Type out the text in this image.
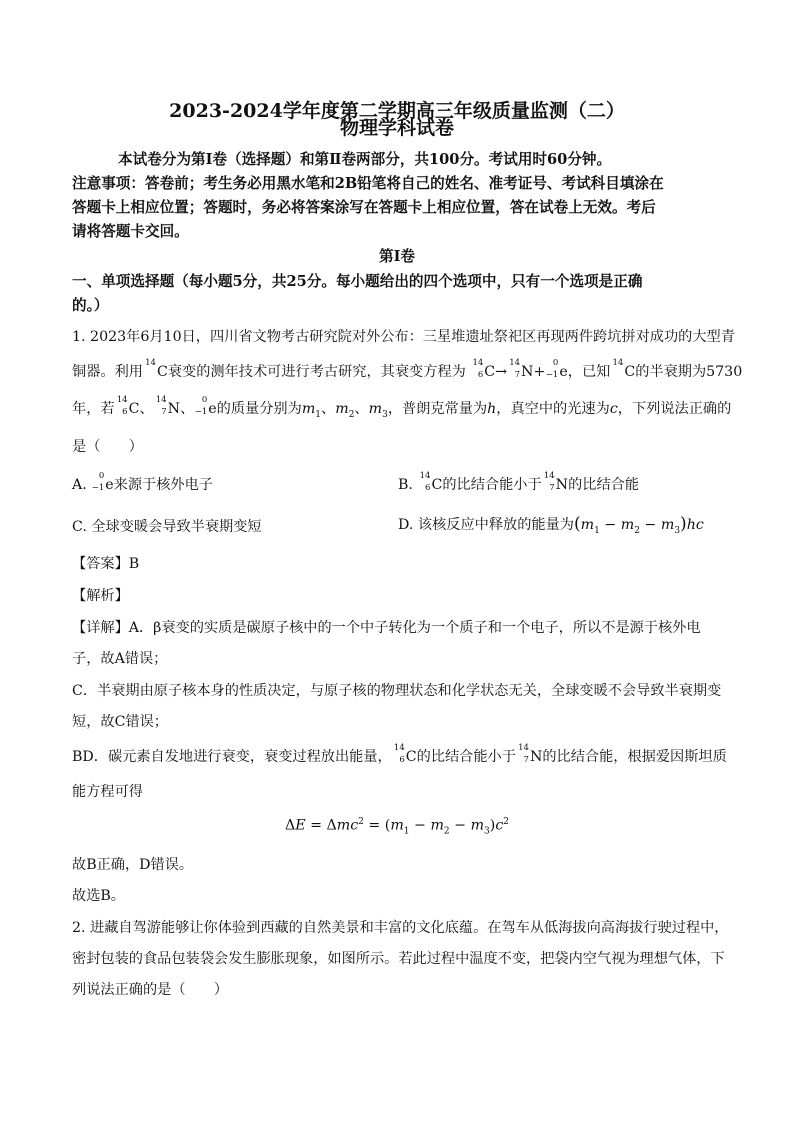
2023-2024学年度第二学期高三年级质量监测（二）
物理学科试卷
本试卷分为第Ⅰ卷（选择题）和第Ⅱ卷两部分，共100分。考试用时60分钟。
注意事项：答卷前；考生务必用黑水笔和2B铅笔将自己的姓名、准考证号、考试科目填涂在
答题卡上相应位置；答题时，务必将答案涂写在答题卡上相应位置，答在试卷上无效。考后
请将答题卡交回。
第Ⅰ卷
一、单项选择题（每小题5分，共25分。每小题给出的四个选项中，只有一个选项是正确
的。）
1. 2023年6月10日，四川省文物考古研究院对外公布：三星堆遗址祭祀区再现两件跨坑拼对成功的大型青
铜器。利用
14
C衰变的测年技术可进行考古研究，其衰变方程为
14
6 C→
14
7 N+
0
−1 e，已知
14
C的半衰期为5730
年，若
14
6 C、
14
7 N、
0
−1 e的质量分别为$m_1$、$m_2$、$m_3$，普朗克常量为h，真空中的光速为c，下列说法正确的
是（　　）
A.
0
−1 e来源于核外电子	B.
14
6 C的比结合能小于
14
7 N的比结合能
C. 全球变暖会导致半衰期变短	D. 该核反应中释放的能量为$(m_1 - m_2 - m_3)hc$
【答案】B
【解析】
【详解】A．β衰变的实质是碳原子核中的一个中子转化为一个质子和一个电子，所以不是源于核外电
子，故A错误；
C．半衰期由原子核本身的性质决定，与原子核的物理状态和化学状态无关，全球变暖不会导致半衰期变
短，故C错误；
BD．碳元素自发地进行衰变，衰变过程放出能量，
14
6 C的比结合能小于
14
7 N的比结合能，根据爱因斯坦质
能方程可得
$\Delta E = \Delta mc^2 = (m_1 - m_2 - m_3)c^2$
故B正确，D错误。
故选B。
2. 进藏自驾游能够让你体验到西藏的自然美景和丰富的文化底蕴。在驾车从低海拔向高海拔行驶过程中，
密封包装的食品包装袋会发生膨胀现象，如图所示。若此过程中温度不变，把袋内空气视为理想气体，下
列说法正确的是（　　）
